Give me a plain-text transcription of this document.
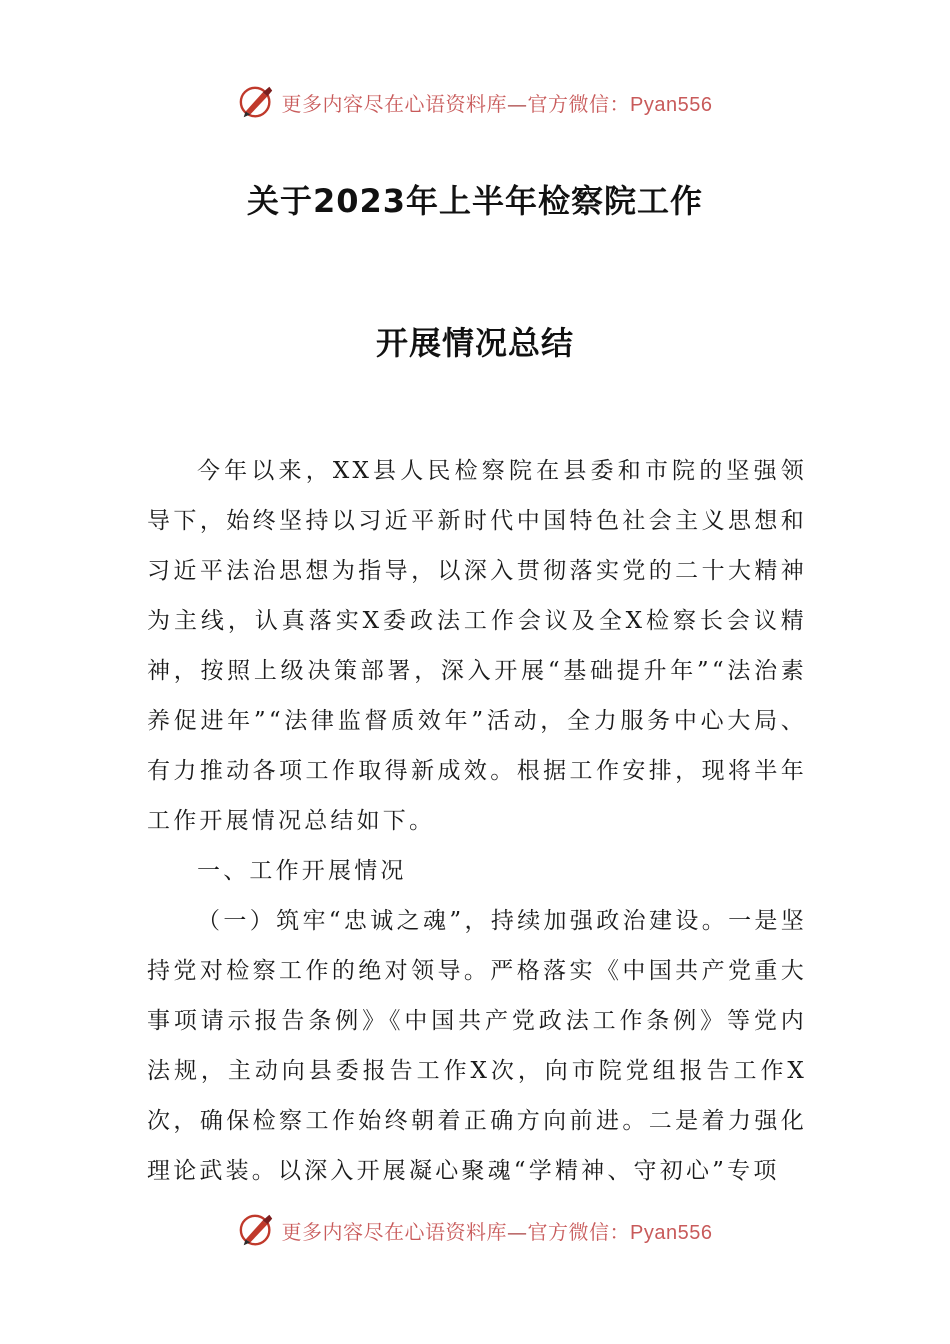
更多内容尽在心语资料库—官方微信：Pyan556
关于2023年上半年检察院工作
开展情况总结

今年以来，XX县人民检察院在县委和市院的坚强领导下，始终坚持以习近平新时代中国特色社会主义思想和习近平法治思想为指导，以深入贯彻落实党的二十大精神为主线，认真落实X委政法工作会议及全X检察长会议精神，按照上级决策部署，深入开展“基础提升年”“法治素养促进年”“法律监督质效年”活动，全力服务中心大局、有力推动各项工作取得新成效。根据工作安排，现将半年工作开展情况总结如下。

一、工作开展情况

（一）筑牢“忠诚之魂”，持续加强政治建设。一是坚持党对检察工作的绝对领导。严格落实《中国共产党重大事项请示报告条例》《中国共产党政法工作条例》等党内法规，主动向县委报告工作X次，向市院党组报告工作X次，确保检察工作始终朝着正确方向前进。二是着力强化理论武装。以深入开展凝心聚魂“学精神、守初心”专项

更多内容尽在心语资料库—官方微信：Pyan556
